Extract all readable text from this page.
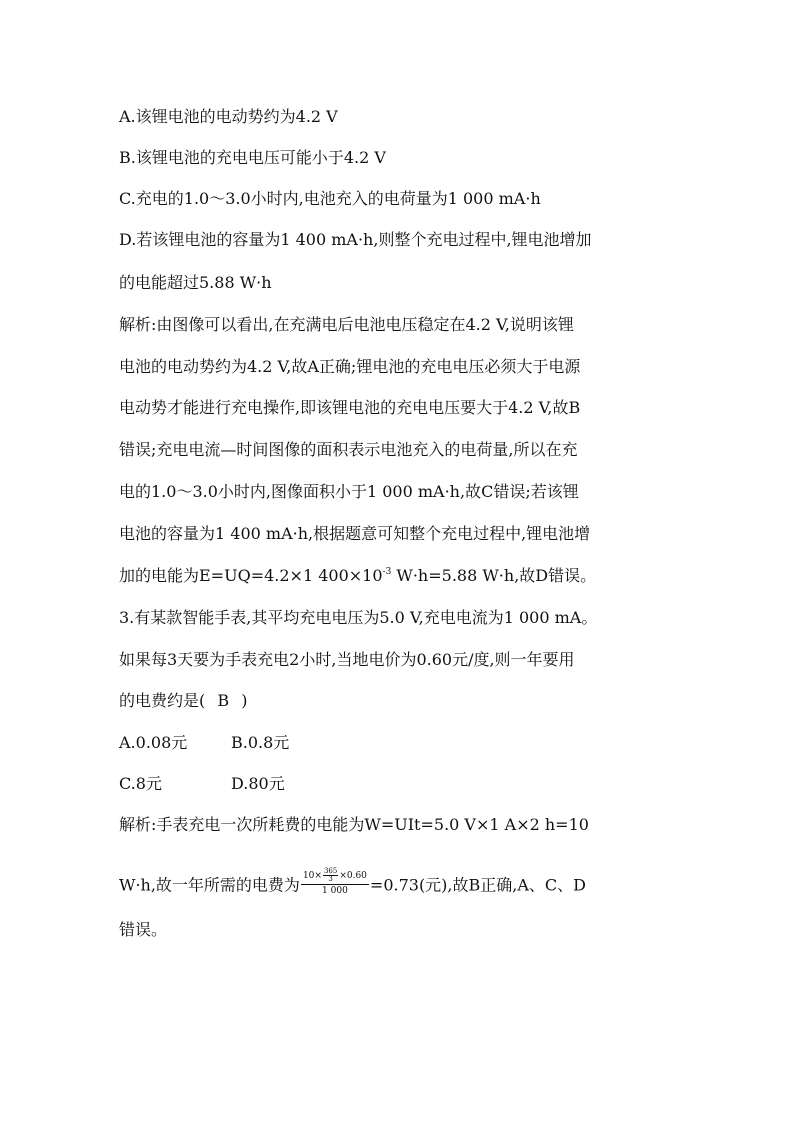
A.该锂电池的电动势约为4.2 V
B.该锂电池的充电电压可能小于4.2 V
C.充电的1.0～3.0小时内,电池充入的电荷量为1 000 mA·h
D.若该锂电池的容量为1 400 mA·h,则整个充电过程中,锂电池增加
的电能超过5.88 W·h
解析:由图像可以看出,在充满电后电池电压稳定在4.2 V,说明该锂
电池的电动势约为4.2 V,故A正确;锂电池的充电电压必须大于电源
电动势才能进行充电操作,即该锂电池的充电电压要大于4.2 V,故B
错误;充电电流—时间图像的面积表示电池充入的电荷量,所以在充
电的1.0～3.0小时内,图像面积小于1 000 mA·h,故C错误;若该锂
电池的容量为1 400 mA·h,根据题意可知整个充电过程中,锂电池增
加的电能为E=UQ=4.2×1 $400\times 10^{-3}$ W·h=5.88 W·h,故D错误。
3.有某款智能手表,其平均充电电压为5.0 V,充电电流为1 000 mA。
如果每3天要为手表充电2小时,当地电价为0.60元/度,则一年要用
的电费约是( B )
A.0.08元	B.0.8元
C.8元	D.80元
解析:手表充电一次所耗费的电能为W=UIt=5.0 V×1 A×2 h=10
W·h,故一年所需的电费为 $\frac{10\times \frac{365}{3} \times 0.60}{1 000} =0.73$(元),故B正确,A、C、D
错误。
